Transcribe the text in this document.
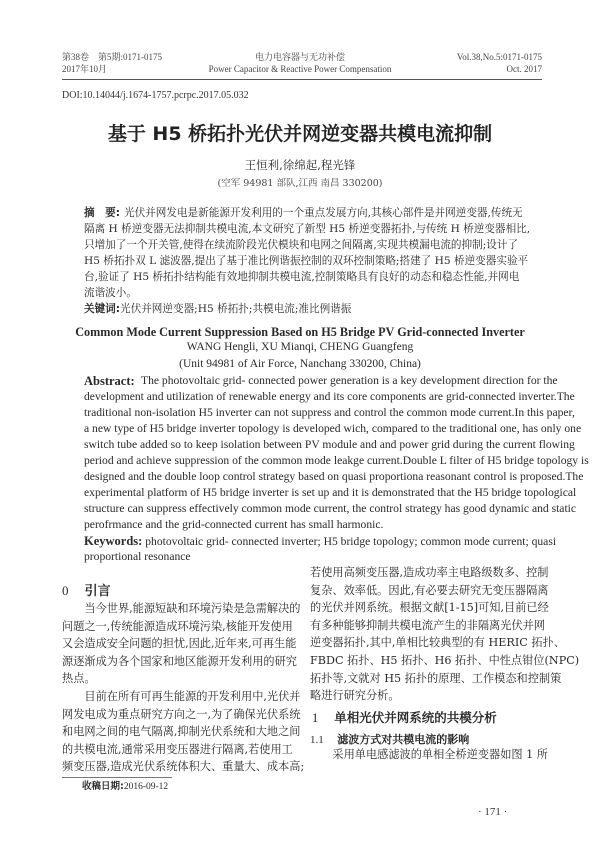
第38卷　第5期:0171-0175
2017年10月
电力电容器与无功补偿
Power Capacitor & Reactive Power Compensation
Vol.38,No.5:0171-0175
Oct. 2017
DOI:10.14044/j.1674-1757.pcrpc.2017.05.032
基于 H5 桥拓扑光伏并网逆变器共模电流抑制
王恒利,徐绵起,程光锋
(空军 94981 部队,江西 南昌 330200)
摘　要: 光伏并网发电是新能源开发利用的一个重点发展方向,其核心部件是并网逆变器,传统无
隔离 H 桥逆变器无法抑制共模电流,本文研究了新型 H5 桥逆变器拓扑,与传统 H 桥逆变器相比,
只增加了一个开关管,使得在续流阶段光伏模块和电网之间隔离,实现共模漏电流的抑制;设计了
H5 桥拓扑双 L 滤波器,提出了基于准比例谐振控制的双环控制策略;搭建了 H5 桥逆变器实验平
台,验证了 H5 桥拓扑结构能有效地抑制共模电流,控制策略具有良好的动态和稳态性能,并网电
流谐波小。
关键词:光伏并网逆变器;H5 桥拓扑;共模电流;准比例谐振
Common Mode Current Suppression Based on H5 Bridge PV Grid-connected Inverter
WANG Hengli, XU Mianqi, CHENG Guangfeng
(Unit 94981 of Air Force, Nanchang 330200, China)
Abstract: The photovoltaic grid- connected power generation is a key development direction for the
development and utilization of renewable energy and its core components are grid-connected inverter.The
traditional non-isolation H5 inverter can not suppress and control the common mode current.In this paper,
a new type of H5 bridge inverter topology is developed wich, compared to the traditional one, has only one
switch tube added so to keep isolation between PV module and and power grid during the current flowing
period and achieve suppression of the common mode leakge current.Double L filter of H5 bridge topology is
designed and the double loop control strategy based on quasi proportiona reasonant control is proposed.The
experimental platform of H5 bridge inverter is set up and it is demonstrated that the H5 bridge topological
structure can suppress effectively common mode current, the control strategy has good dynamic and static
perofrmance and the grid-connected current has small harmonic.
Keywords: photovoltaic grid- connected inverter; H5 bridge topology; common mode current; quasi
proportional resonance
0 引言
　　当今世界,能源短缺和环境污染是急需解决的
问题之一,传统能源造成环境污染,核能开发使用
又会造成安全问题的担忧,因此,近年来,可再生能
源逐渐成为各个国家和地区能源开发利用的研究
热点。
　　目前在所有可再生能源的开发利用中,光伏并
网发电成为重点研究方向之一,为了确保光伏系统
和电网之间的电气隔离,抑制光伏系统和大地之间
的共模电流,通常采用变压器进行隔离,若使用工
频变压器,造成光伏系统体积大、重量大、成本高;
收稿日期:2016-09-12
若使用高频变压器,造成功率主电路级数多、控制
复杂、效率低。因此,有必要去研究无变压器隔离
的光伏并网系统。根据文献[1-15]可知,目前已经
有多种能够抑制共模电流产生的非隔离光伏并网
逆变器拓扑,其中,单相比较典型的有 HERIC 拓扑、
FBDC 拓扑、H5 拓扑、H6 拓扑、中性点钳位(NPC)
拓扑等,文就对 H5 拓扑的原理、工作模态和控制策
略进行研究分析。
1 单相光伏并网系统的共模分析
1.1 滤波方式对共模电流的影响
　　采用单电感滤波的单相全桥逆变器如图 1 所
· 171 ·
